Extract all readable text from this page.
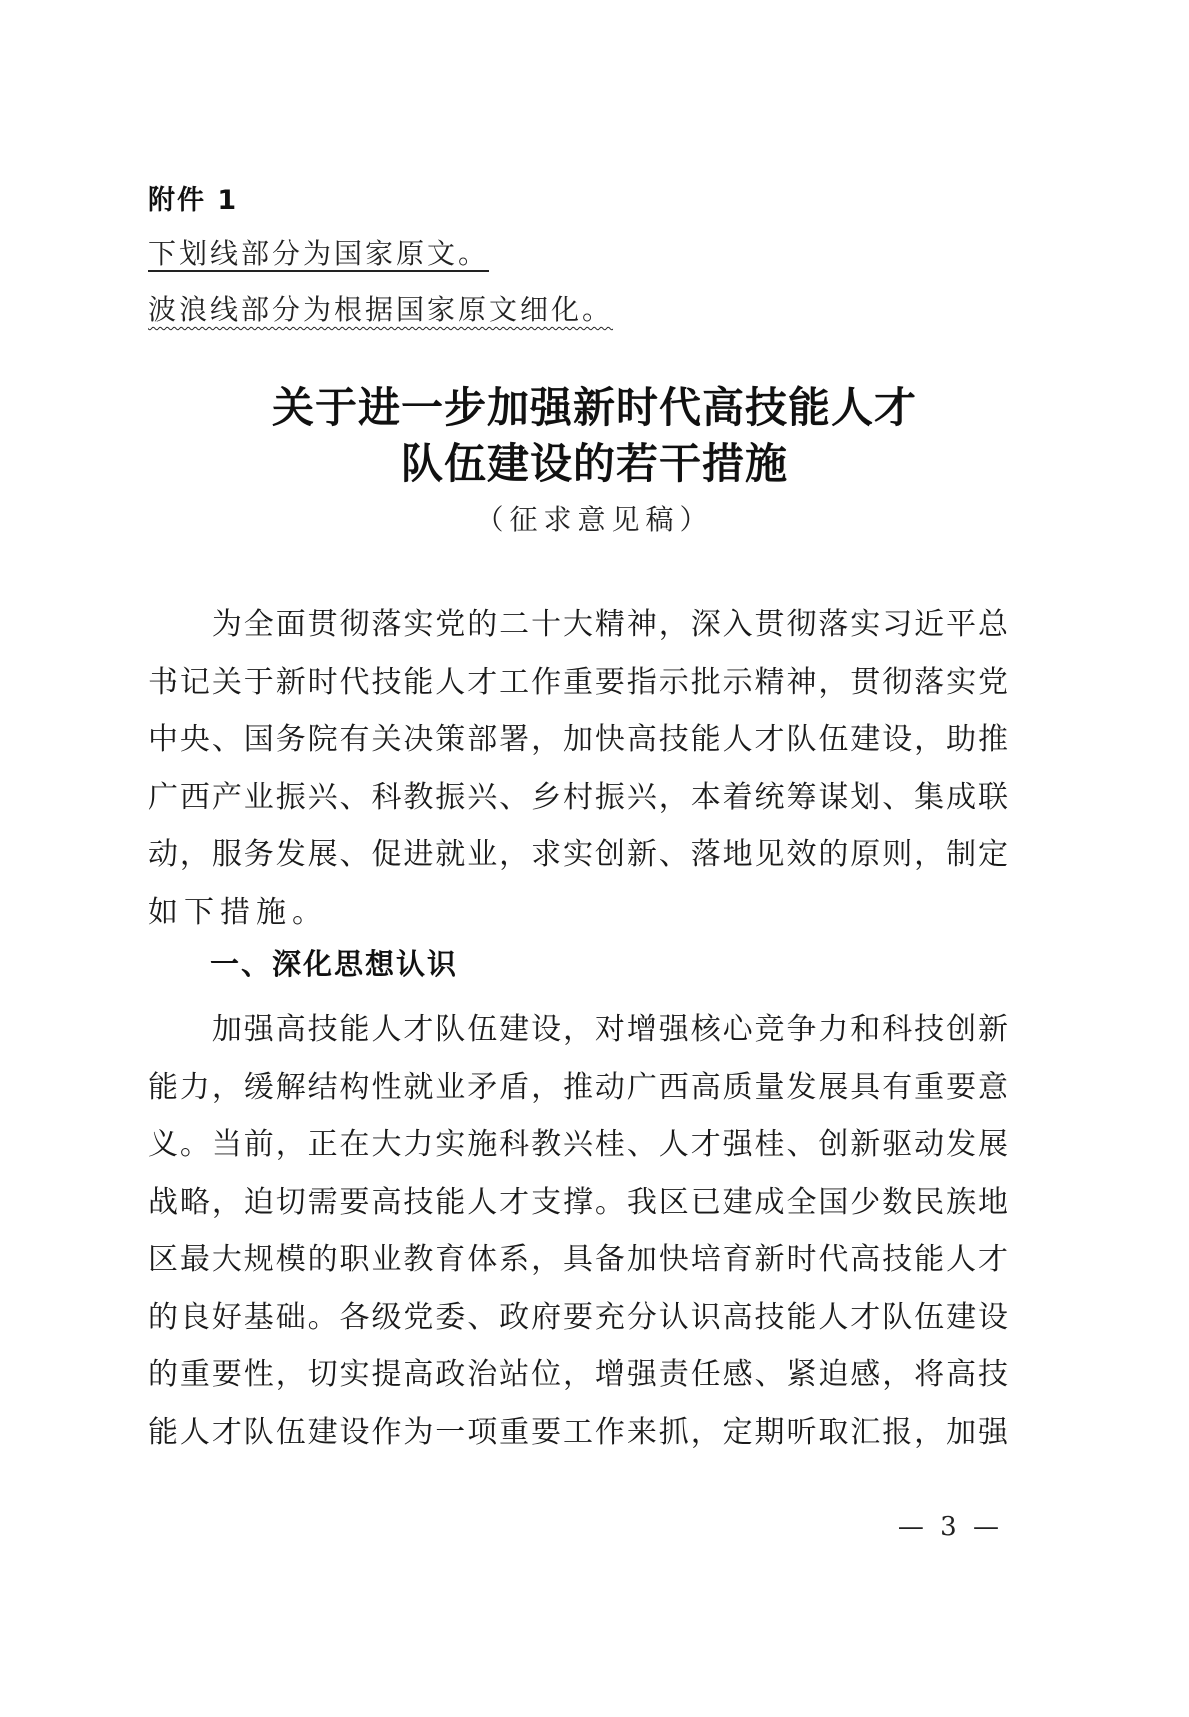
附件 1
下划线部分为国家原文。
波浪线部分为根据国家原文细化。
关于进一步加强新时代高技能人才
队伍建设的若干措施
（征求意见稿）
　　为全面贯彻落实党的二十大精神，深入贯彻落实习近平总
书记关于新时代技能人才工作重要指示批示精神，贯彻落实党
中央、国务院有关决策部署，加快高技能人才队伍建设，助推
广西产业振兴、科教振兴、乡村振兴，本着统筹谋划、集成联
动，服务发展、促进就业，求实创新、落地见效的原则，制定
如下措施。
一、深化思想认识
　　加强高技能人才队伍建设，对增强核心竞争力和科技创新
能力，缓解结构性就业矛盾，推动广西高质量发展具有重要意
义。当前，正在大力实施科教兴桂、人才强桂、创新驱动发展
战略，迫切需要高技能人才支撑。我区已建成全国少数民族地
区最大规模的职业教育体系，具备加快培育新时代高技能人才
的良好基础。各级党委、政府要充分认识高技能人才队伍建设
的重要性，切实提高政治站位，增强责任感、紧迫感，将高技
能人才队伍建设作为一项重要工作来抓，定期听取汇报，加强
— 3 —
